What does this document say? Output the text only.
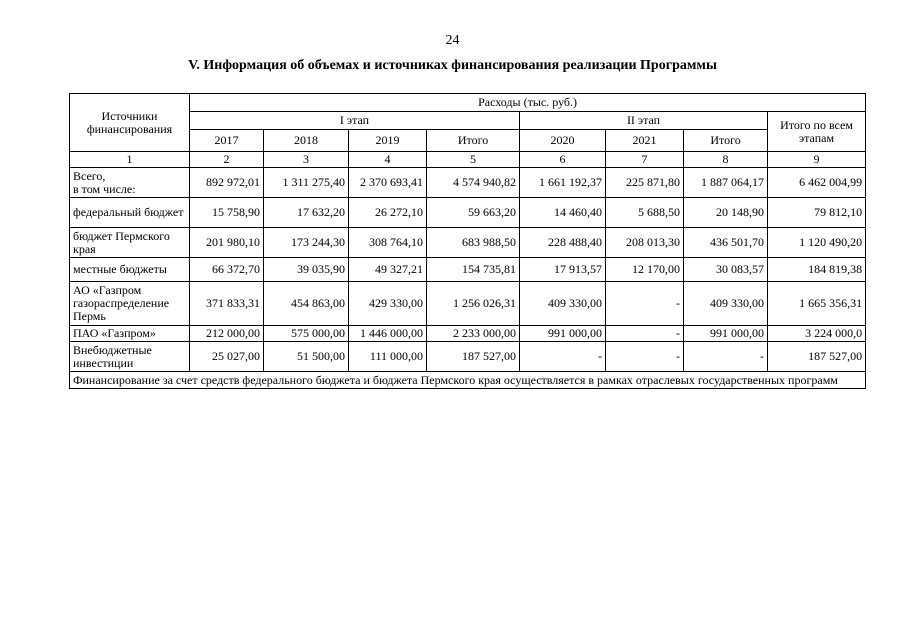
24
V. Информация об объемах и источниках финансирования реализации Программы
Источники финансирования	Расходы (тыс. руб.)							
	I этап				II этап			Итого по всем этапам
	2017	2018	2019	Итого	2020	2021	Итого	
1	2	3	4	5	6	7	8	9
Всего,
в том числе:	892 972,01	1 311 275,40	2 370 693,41	4 574 940,82	1 661 192,37	225 871,80	1 887 064,17	6 462 004,99
федеральный бюджет	15 758,90	17 632,20	26 272,10	59 663,20	14 460,40	5 688,50	20 148,90	79 812,10
бюджет Пермского края	201 980,10	173 244,30	308 764,10	683 988,50	228 488,40	208 013,30	436 501,70	1 120 490,20
местные бюджеты	66 372,70	39 035,90	49 327,21	154 735,81	17 913,57	12 170,00	30 083,57	184 819,38
АО «Газпром газораспределение Пермь	371 833,31	454 863,00	429 330,00	1 256 026,31	409 330,00	-	409 330,00	1 665 356,31
ПАО «Газпром»	212 000,00	575 000,00	1 446 000,00	2 233 000,00	991 000,00	-	991 000,00	3 224 000,0
Внебюджетные инвестиции	25 027,00	51 500,00	111 000,00	187 527,00	-	-	-	187 527,00
Финансирование за счет средств федерального бюджета и бюджета Пермского края осуществляется в рамках отраслевых государственных программ								
